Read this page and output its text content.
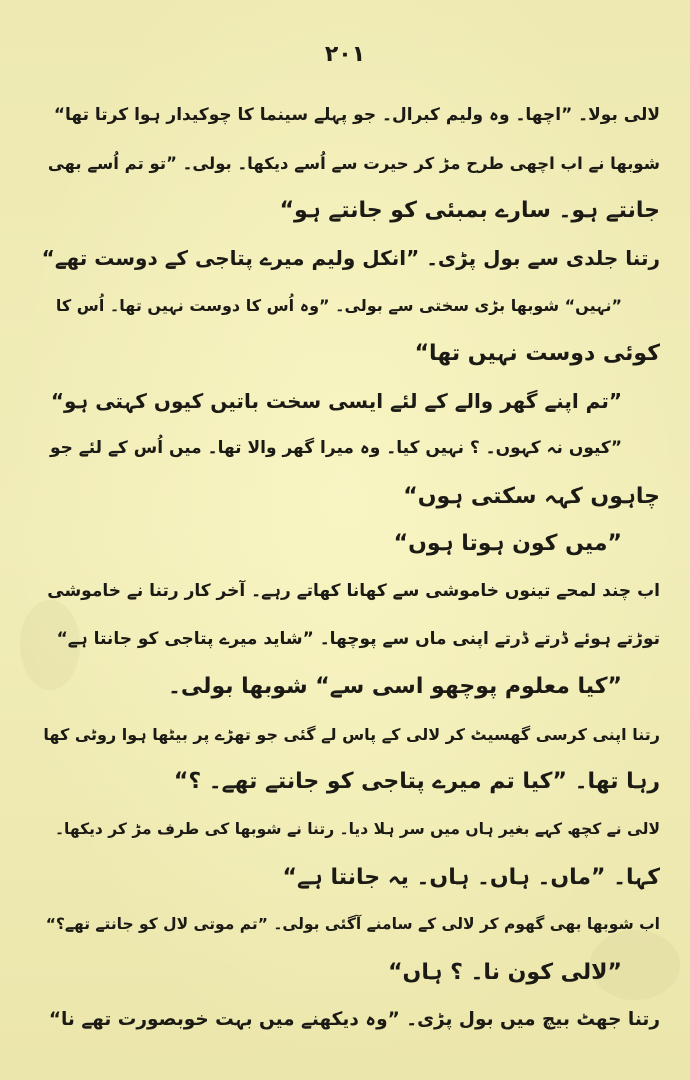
۲۰۱
لالی بولا۔ ”اچھا۔ وہ ولیم کبرال۔ جو پہلے سینما کا چوکیدار ہوا کرتا تھا“
شوبھا نے اب اچھی طرح مڑ کر حیرت سے اُسے دیکھا۔ بولی۔ ”تو تم اُسے بھی
جانتے ہو۔ سارے بمبئی کو جانتے ہو“
رتنا جلدی سے بول پڑی۔ ”انکل ولیم میرے پتاجی کے دوست تھے“
”نہیں“ شوبھا بڑی سختی سے بولی۔ ”وہ اُس کا دوست نہیں تھا۔ اُس کا
کوئی دوست نہیں تھا“
”تم اپنے گھر والے کے لئے ایسی سخت باتیں کیوں کہتی ہو“
”کیوں نہ کہوں۔ ؟ نہیں کیا۔ وہ میرا گھر والا تھا۔ میں اُس کے لئے جو
چاہوں کہہ سکتی ہوں“
”میں کون ہوتا ہوں“
اب چند لمحے تینوں خاموشی سے کھانا کھاتے رہے۔ آخر کار رتنا نے خاموشی
توڑتے ہوئے ڈرتے ڈرتے اپنی ماں سے پوچھا۔ ”شاید میرے پتاجی کو جانتا ہے“
”کیا معلوم پوچھو اسی سے“ شوبھا بولی۔
رتنا اپنی کرسی گھسیٹ کر لالی کے پاس لے گئی جو تھڑے پر بیٹھا ہوا روٹی کھا
رہا تھا۔ ”کیا تم میرے پتاجی کو جانتے تھے۔ ؟“
لالی نے کچھ کہے بغیر ہاں میں سر ہلا دیا۔ رتنا نے شوبھا کی طرف مڑ کر دیکھا۔
کہا۔ ”ماں۔ ہاں۔ ہاں۔ یہ جانتا ہے“
اب شوبھا بھی گھوم کر لالی کے سامنے آگئی بولی۔ ”تم موتی لال کو جانتے تھے؟“
”لالی کون نا۔ ؟ ہاں“
رتنا جھٹ بیچ میں بول پڑی۔ ”وہ دیکھنے میں بہت خوبصورت تھے نا“
